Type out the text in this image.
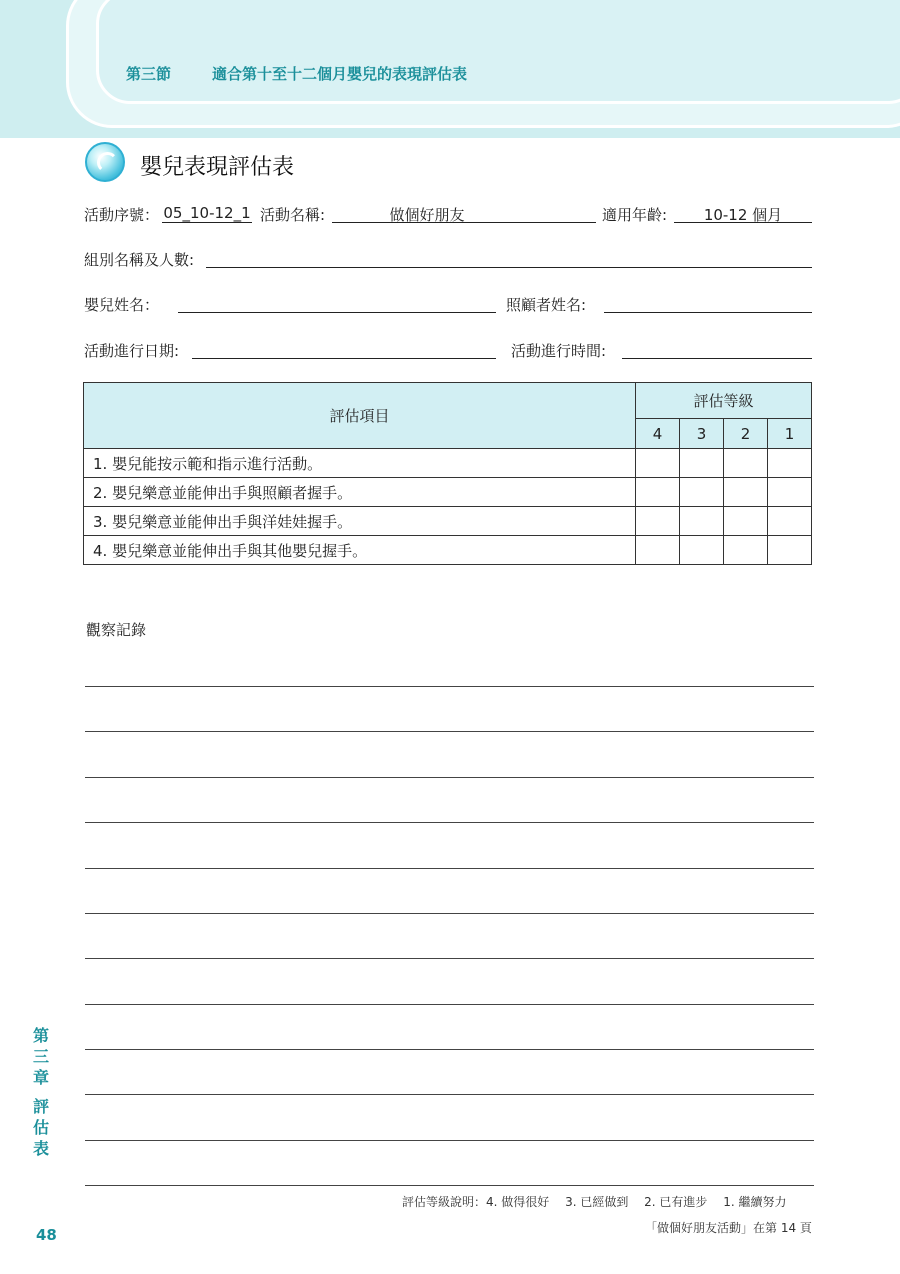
第三節	適合第十至十二個月嬰兒的表現評估表
嬰兒表現評估表
活動序號： 05_10-12_1 活動名稱:	做個好朋友	適用年齡:	10-12 個月
組別名稱及人數:
嬰兒姓名：	照顧者姓名:
活動進行日期:	活動進行時間:
評估項目	評估等級			
	4	3	2	1
1. 嬰兒能按示範和指示進行活動。				
2. 嬰兒樂意並能伸出手與照顧者握手。				
3. 嬰兒樂意並能伸出手與洋娃娃握手。				
4. 嬰兒樂意並能伸出手與其他嬰兒握手。				
觀察記錄
第三章
評估表
48
評估等級說明：4. 做得很好　 3. 已經做到　 2. 已有進步　 1. 繼續努力
「做個好朋友活動」在第 14 頁
